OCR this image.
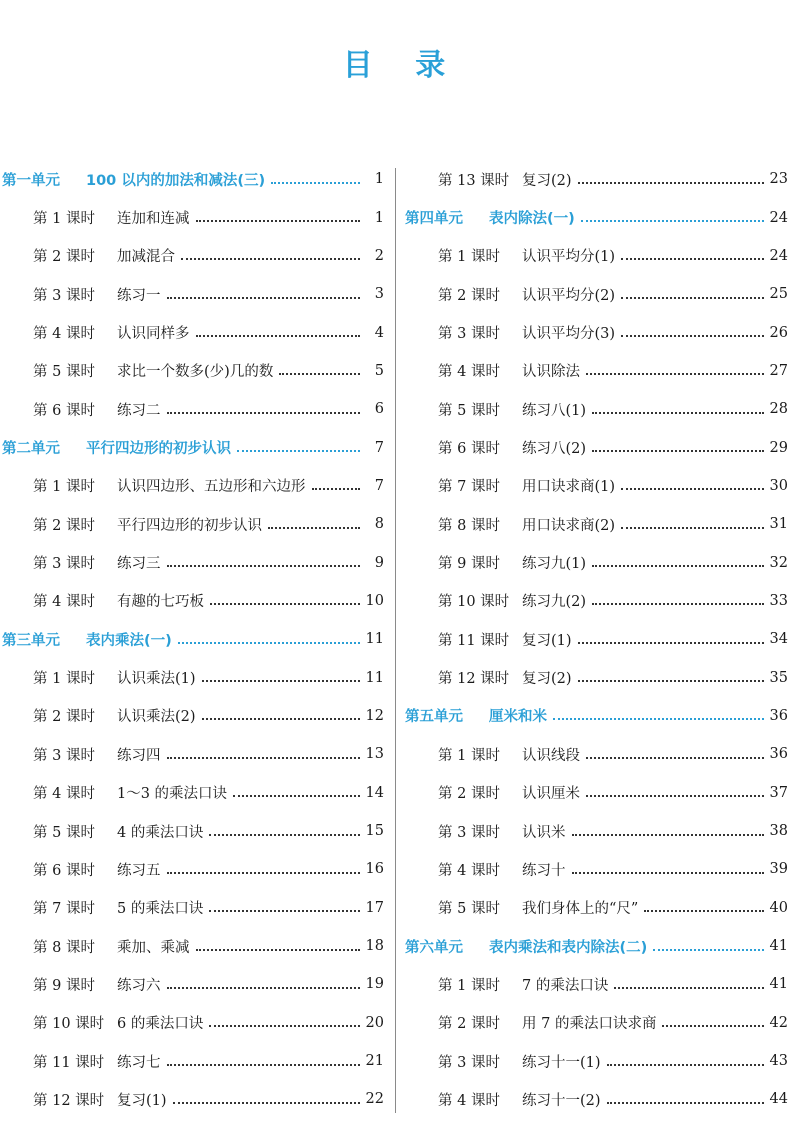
目 录
第一单元 100 以内的加法和减法(三)	1
第 1 课时	连加和连减	1
第 2 课时	加减混合	2
第 3 课时	练习一	3
第 4 课时	认识同样多	4
第 5 课时	求比一个数多(少)几的数	5
第 6 课时	练习二	6
第二单元 平行四边形的初步认识	7
第 1 课时	认识四边形、五边形和六边形	7
第 2 课时	平行四边形的初步认识	8
第 3 课时	练习三	9
第 4 课时	有趣的七巧板	10
第三单元 表内乘法(一)	11
第 1 课时	认识乘法(1)	11
第 2 课时	认识乘法(2)	12
第 3 课时	练习四	13
第 4 课时	1～3 的乘法口诀	14
第 5 课时	4 的乘法口诀	15
第 6 课时	练习五	16
第 7 课时	5 的乘法口诀	17
第 8 课时	乘加、乘减	18
第 9 课时	练习六	19
第 10 课时 6 的乘法口诀	20
第 11 课时 练习七	21
第 12 课时 复习(1)	22
第 13 课时 复习(2)	23
第四单元 表内除法(一)	24
第 1 课时	认识平均分(1)	24
第 2 课时	认识平均分(2)	25
第 3 课时	认识平均分(3)	26
第 4 课时	认识除法	27
第 5 课时	练习八(1)	28
第 6 课时	练习八(2)	29
第 7 课时	用口诀求商(1)	30
第 8 课时	用口诀求商(2)	31
第 9 课时	练习九(1)	32
第 10 课时 练习九(2)	33
第 11 课时 复习(1)	34
第 12 课时 复习(2)	35
第五单元 厘米和米	36
第 1 课时	认识线段	36
第 2 课时	认识厘米	37
第 3 课时	认识米	38
第 4 课时	练习十	39
第 5 课时	我们身体上的“尺”	40
第六单元 表内乘法和表内除法(二)	41
第 1 课时	7 的乘法口诀	41
第 2 课时	用 7 的乘法口诀求商	42
第 3 课时	练习十一(1)	43
第 4 课时	练习十一(2)	44
